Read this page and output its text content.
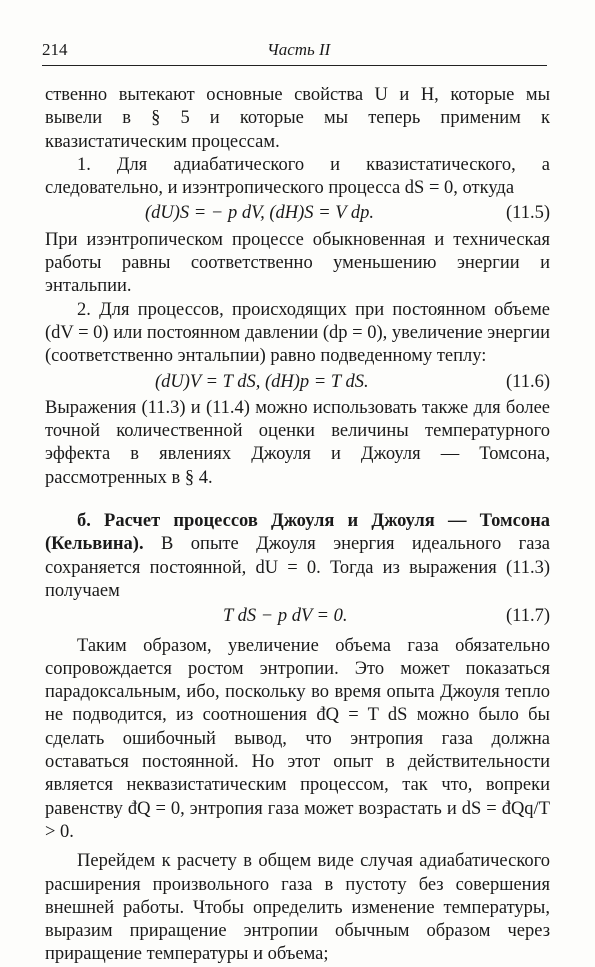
214	Часть II

ственно вытекают основные свойства U и H, которые мы вывели в § 5 и которые мы теперь применим к квазистатическим процессам.

1. Для адиабатического и квазистатического, а следовательно, и изэнтропического процесса dS = 0, откуда

(dU)S = − p dV, (dH)S = V dp.	(11.5)

При изэнтропическом процессе обыкновенная и техническая работы равны соответственно уменьшению энергии и энтальпии.

2. Для процессов, происходящих при постоянном объеме (dV = 0) или постоянном давлении (dp = 0), увеличение энергии (соответственно энтальпии) равно подведенному теплу:

(dU)V = T dS, (dH)p = T dS.	(11.6)

Выражения (11.3) и (11.4) можно использовать также для более точной количественной оценки величины температурного эффекта в явлениях Джоуля и Джоуля — Томсона, рассмотренных в § 4.

б. Расчет процессов Джоуля и Джоуля — Томсона (Кельвина). В опыте Джоуля энергия идеального газа сохраняется постоянной, dU = 0. Тогда из выражения (11.3) получаем

T dS − p dV = 0.	(11.7)

Таким образом, увеличение объема газа обязательно сопровождается ростом энтропии. Это может показаться парадоксальным, ибо, поскольку во время опыта Джоуля тепло не подводится, из соотношения đQ = T dS можно было бы сделать ошибочный вывод, что энтропия газа должна оставаться постоянной. Но этот опыт в действительности является неквазистатическим процессом, так что, вопреки равенству đQ = 0, энтропия газа может возрастать и dS = đQq/T > 0.

Перейдем к расчету в общем виде случая адиабатического расширения произвольного газа в пустоту без совершения внешней работы. Чтобы определить изменение температуры, выразим приращение энтропии обычным образом через приращение температуры и объема;
